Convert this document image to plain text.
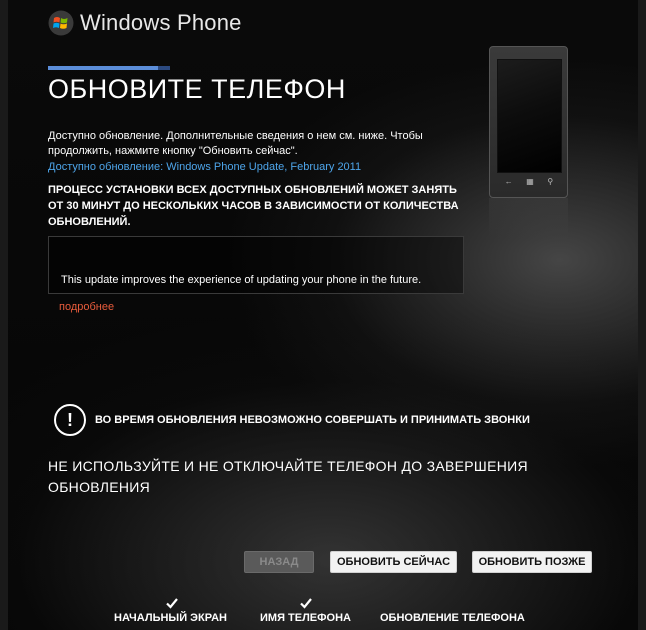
Windows Phone
ОБНОВИТЕ ТЕЛЕФОН
Доступно обновление. Дополнительные сведения о нем см. ниже. Чтобы продолжить, нажмите кнопку "Обновить сейчас".
Доступно обновление: Windows Phone Update, February 2011
ПРОЦЕСС УСТАНОВКИ ВСЕХ ДОСТУПНЫХ ОБНОВЛЕНИЙ МОЖЕТ ЗАНЯТЬ ОТ 30 МИНУТ ДО НЕСКОЛЬКИХ ЧАСОВ В ЗАВИСИМОСТИ ОТ КОЛИЧЕСТВА ОБНОВЛЕНИЙ.
This update improves the experience of updating your phone in the future.
подробнее
!	ВО ВРЕМЯ ОБНОВЛЕНИЯ НЕВОЗМОЖНО СОВЕРШАТЬ И ПРИНИМАТЬ ЗВОНКИ
НЕ ИСПОЛЬЗУЙТЕ И НЕ ОТКЛЮЧАЙТЕ ТЕЛЕФОН ДО ЗАВЕРШЕНИЯ ОБНОВЛЕНИЯ
НАЗАД	ОБНОВИТЬ СЕЙЧАС	ОБНОВИТЬ ПОЗЖЕ
НАЧАЛЬНЫЙ ЭКРАН	ИМЯ ТЕЛЕФОНА	ОБНОВЛЕНИЕ ТЕЛЕФОНА
← ▦ ⚲
